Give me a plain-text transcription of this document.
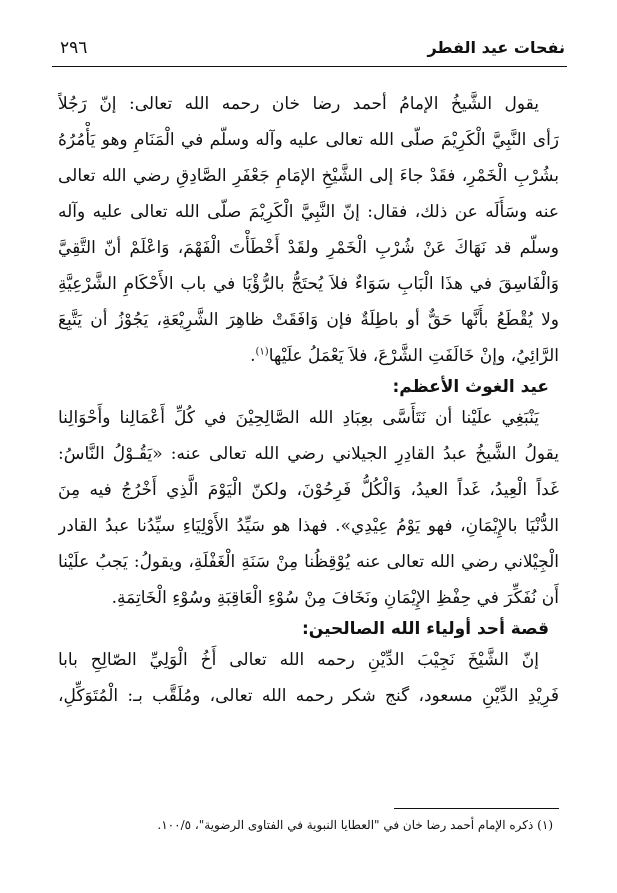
نفحات عيد الفطر
٢٩٦
يقول الشَّيخُ الإمامُ أحمد رضا خان رحمه الله تعالى: إنّ رَجُلاً
رَأى النَّبِيَّ الْكَرِيْمَ صلّى الله تعالى عليه وآله وسلّم في الْمَنَامِ وهو يَأْمُرُهُ
بشُرْبِ الْخَمْرِ، فقَدْ جاءَ إلى الشَّيْخِ الإمَامِ جَعْفَرِ الصَّادِقِ رضي الله تعالى
عنه وسَأَلَه عن ذلك، فقال: إنّ النَّبِيَّ الْكَرِيْمَ صلّى الله تعالى عليه وآله
وسلّم قد نَهَاكَ عَنْ شُرْبِ الْخَمْرِ ولقَدْ أَخْطَأْتَ الْفَهْمَ، وَاعْلَمْ أنّ التَّقِيَّ
وَالْفَاسِقَ في هذَا الْبَابِ سَوَاءٌ فلاَ يُحتَجُّ بالرُّؤْيَا في باب الأَحْكَامِ الشَّرْعِيَّةِ
ولا يُقْطَعُ بأَنَّها حَقٌّ أو باطِلَةٌ فإن وَافَقَتْ ظاهِرَ الشَّرِيْعَةِ، يَجُوْزُ أن يَتَّبِعَ
الرَّائِيُ، وإنْ خَالَفَتِ الشَّرْعَ، فلاَ يَعْمَلُ علَيْها$^{(١)}$.
عيد الغوث الأعظم:
يَنْبَغِي علَيْنا أن نَتَأَسَّى بعِبَادِ الله الصَّالِحِيْنَ في كُلِّ أَعْمَالِنا وأَحْوَالِنا
يقولُ الشَّيخُ عبدُ القادِرِ الجيلاني رضي الله تعالى عنه: «يَقُـوْلُ النَّاسُ:
غَداً الْعِيدُ، غَداً العيدُ، وَالْكُلُّ فَرِحُوْنَ، ولكنّ الْيَوْمَ الَّذِي أَخْرُجُ فيه مِنَ
الدُّنْيَا بالإِيْمَانِ، فهو يَوْمُ عِيْدِي». فهذا هو سَيِّدُ الأَوْلِيَاءِ سيِّدُنا عبدُ القادر
الْجِيْلاني رضي الله تعالى عنه يُوْقِظُنا مِنْ سَنَةِ الْغَفْلَةِ، ويقولُ: يَجبُ علَيْنا
أَن نُفَكِّرَ في حِفْظِ الإِيْمَانِ ونَخَافَ مِنْ سُوْءِ الْعَاقِبَةِ وسُوْءِ الْخَاتِمَةِ.
قصة أحد أولياء الله الصالحين:
إنّ الشَّيْخَ نَجِيْبَ الدِّيْنِ رحمه الله تعالى أَخُ الْوَلِيِّ الصّالِحِ بابا
فَرِيْدِ الدِّيْنِ مسعود، گنج شكر رحمه الله تعالى، ومُلَقَّب بـ: الْمُتَوَكِّلِ،
(١) ذكره الإمام أحمد رضا خان في "العطايا النبوية في الفتاوى الرضوية"، ١٠٠/٥.
